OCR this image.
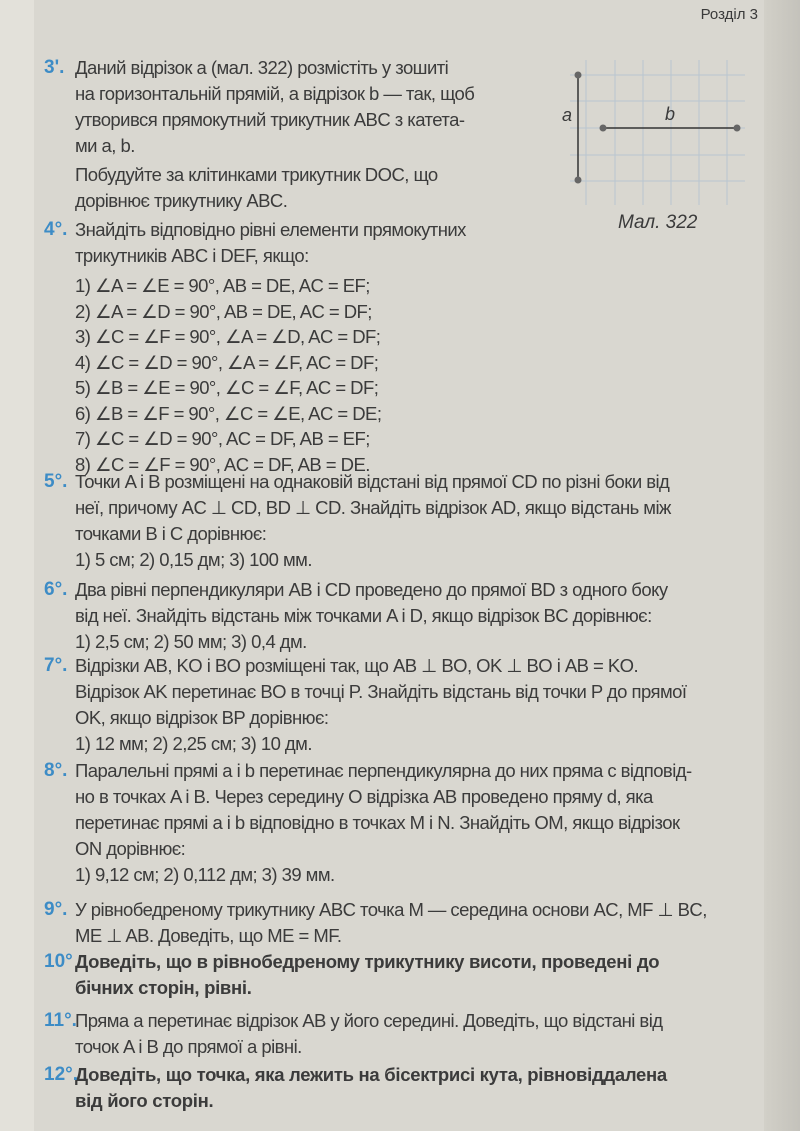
Розділ 3
a	b
Мал. 322
3'. Даний відрізок a (мал. 322) розмістіть у зошиті
на горизонтальній прямій, а відрізок b — так, щоб
утворився прямокутний трикутник ABC з катета-
ми a, b.
Побудуйте за клітинками трикутник DOC, що
дорівнює трикутнику ABC.
4°. Знайдіть відповідно рівні елементи прямокутних
трикутників ABC і DEF, якщо:
1) ∠A = ∠E = 90°, AB = DE, AC = EF;
2) ∠A = ∠D = 90°, AB = DE, AC = DF;
3) ∠C = ∠F = 90°, ∠A = ∠D, AC = DF;
4) ∠C = ∠D = 90°, ∠A = ∠F, AC = DF;
5) ∠B = ∠E = 90°, ∠C = ∠F, AC = DF;
6) ∠B = ∠F = 90°, ∠C = ∠E, AC = DE;
7) ∠C = ∠D = 90°, AC = DF, AB = EF;
8) ∠C = ∠F = 90°, AC = DF, AB = DE.
5°. Точки A і B розміщені на однаковій відстані від прямої CD по різні боки від
неї, причому AC ⊥ CD, BD ⊥ CD. Знайдіть відрізок AD, якщо відстань між
точками B і C дорівнює:
1) 5 см; 2) 0,15 дм; 3) 100 мм.
6°. Два рівні перпендикуляри AB і CD проведено до прямої BD з одного боку
від неї. Знайдіть відстань між точками A і D, якщо відрізок BC дорівнює:
1) 2,5 см; 2) 50 мм; 3) 0,4 дм.
7°. Відрізки AB, KO і BO розміщені так, що AB ⊥ BO, OK ⊥ BO і AB = KO.
Відрізок AK перетинає BO в точці P. Знайдіть відстань від точки P до прямої
OK, якщо відрізок BP дорівнює:
1) 12 мм; 2) 2,25 см; 3) 10 дм.
8°. Паралельні прямі a і b перетинає перпендикулярна до них пряма c відповід-
но в точках A і B. Через середину O відрізка AB проведено пряму d, яка
перетинає прямі a і b відповідно в точках M і N. Знайдіть OM, якщо відрізок
ON дорівнює:
1) 9,12 см; 2) 0,112 дм; 3) 39 мм.
9°. У рівнобедреному трикутнику ABC точка M — середина основи AC, MF ⊥ BC,
ME ⊥ AB. Доведіть, що ME = MF.
10° Доведіть, що в рівнобедреному трикутнику висоти, проведені до
бічних сторін, рівні.
11°.
Пряма a перетинає відрізок AB у його середині. Доведіть, що відстані від
точок A і B до прямої a рівні.
12°.
Доведіть, що точка, яка лежить на бісектрисі кута, рівновіддалена
від його сторін.
